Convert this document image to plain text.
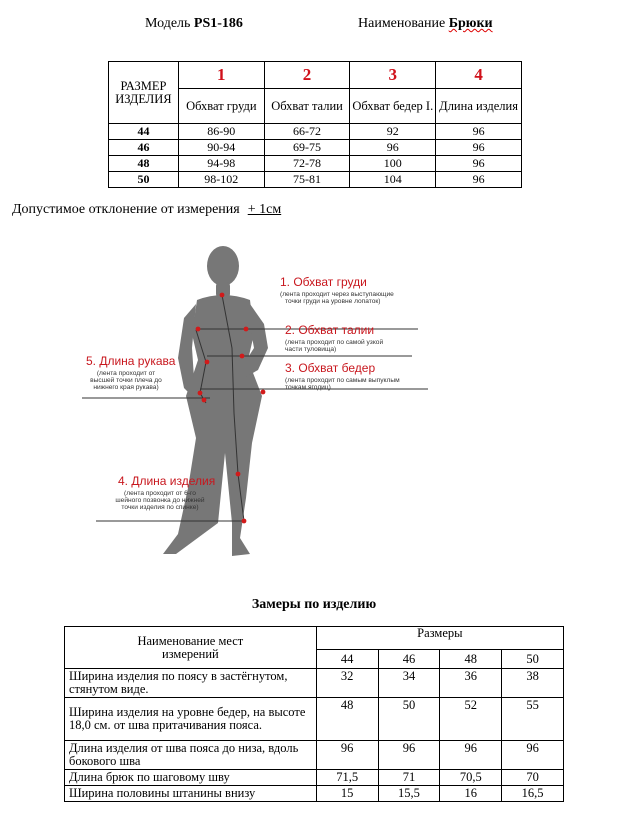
Модель PS1-186	Наименование Брюки
РАЗМЕР ИЗДЕЛИЯ	1	2	3	4
	Обхват груди	Обхват талии	Обхват бедер I.	Длина изделия
44	86-90	66-72	92	96
46	90-94	69-75	96	96
48	94-98	72-78	100	96
50	98-102	75-81	104	96
Допустимое отклонение от измерения + 1см
1. Обхват груди
(лента проходит через выступающие
точки груди на уровне лопаток)
2. Обхват талии
(лента проходит по самой узкой
части туловища)
3. Обхват бедер
(лента проходит по самым выпуклым
точкам ягодиц)
4. Длина изделия
(лента проходит от 6-го
шейного позвонка до нижней
точки изделия по спинке)
5. Длина рукава
(лента проходит от
высшей точки плеча до
нижнего края рукава)
Замеры по изделию
Наименование мест измерений	Размеры			
	44	46	48	50
Ширина изделия по поясу в застёгнутом, стянутом виде.	32	34	36	38
Ширина изделия на уровне бедер, на высоте 18,0 см. от шва притачивания пояса.	48	50	52	55
Длина изделия от шва пояса до низа, вдоль бокового шва	96	96	96	96
Длина брюк по шаговому шву	71,5	71	70,5	70
Ширина половины штанины внизу	15	15,5	16	16,5
